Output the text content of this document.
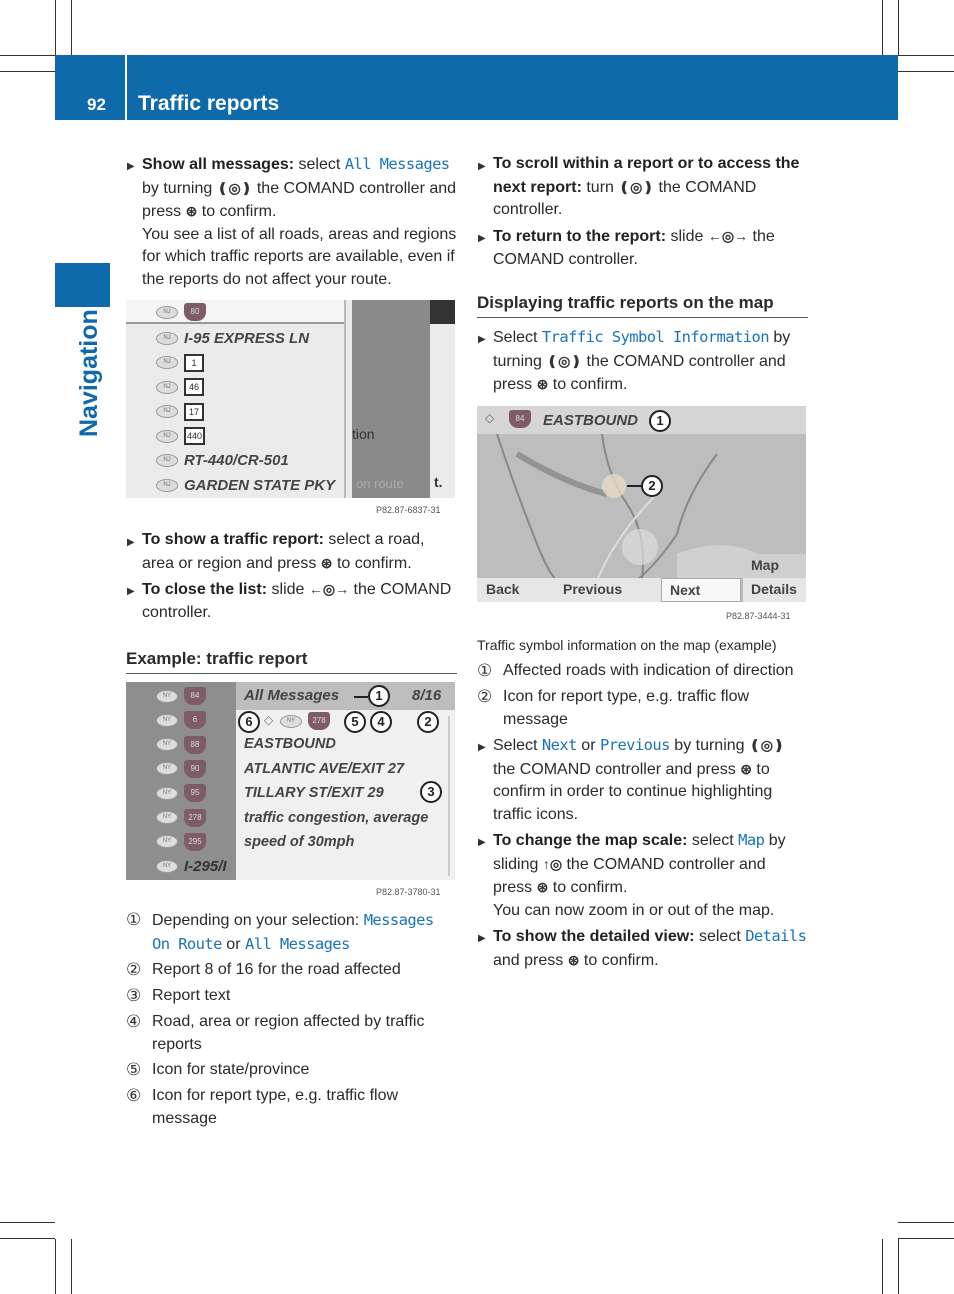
92 Traffic reports
Navigation
▶ Show all messages: select All Messages by turning ❪◎❫ the COMAND controller and press ⊛ to confirm.
You see a list of all roads, areas and regions for which traffic reports are available, even if the reports do not affect your route.
▶ To show a traffic report: select a road, area or region and press ⊛ to confirm.
▶ To close the list: slide ←◎→ the COMAND controller.
Example: traffic report
① Depending on your selection: Messages On Route or All Messages
② Report 8 of 16 for the road affected
③ Report text
④ Road, area or region affected by traffic reports
⑤ Icon for state/province
⑥ Icon for report type, e.g. traffic flow message
▶ To scroll within a report or to access the next report: turn ❪◎❫ the COMAND controller.
▶ To return to the report: slide ←◎→ the COMAND controller.
Displaying traffic reports on the map
▶ Select Traffic Symbol Information by turning ❪◎❫ the COMAND controller and press ⊛ to confirm.
Traffic symbol information on the map (example)
① Affected roads with indication of direction
② Icon for report type, e.g. traffic flow message
▶ Select Next or Previous by turning ❪◎❫ the COMAND controller and press ⊛ to confirm in order to continue highlighting traffic icons.
▶ To change the map scale: select Map by sliding ↑◎ the COMAND controller and press ⊛ to confirm.
You can now zoom in or out of the map.
▶ To show the detailed view: select Details and press ⊛ to confirm.
NJ	80
NJ I-95 EXPRESS LN
NJ	1
NJ	46
NJ	17
NJ	440
NJ RT-440/CR-501
NJ GARDEN STATE PKY
tion
on route t.
P82.87-6837-31
NY	84
NY	6
NY	88
NY	90
NY	95
NY	278
NY	295
NY I-295/I
All Messages	8/16
6 ◇	NY	278	5	4
EASTBOUND
ATLANTIC AVE/EXIT 27
TILLARY ST/EXIT 29
traffic congestion, average
speed of 30mph
1
2
3
P82.87-3780-31
◇	84	EASTBOUND	1
2
Map
Back	Previous	Next	Details
P82.87-3444-31
